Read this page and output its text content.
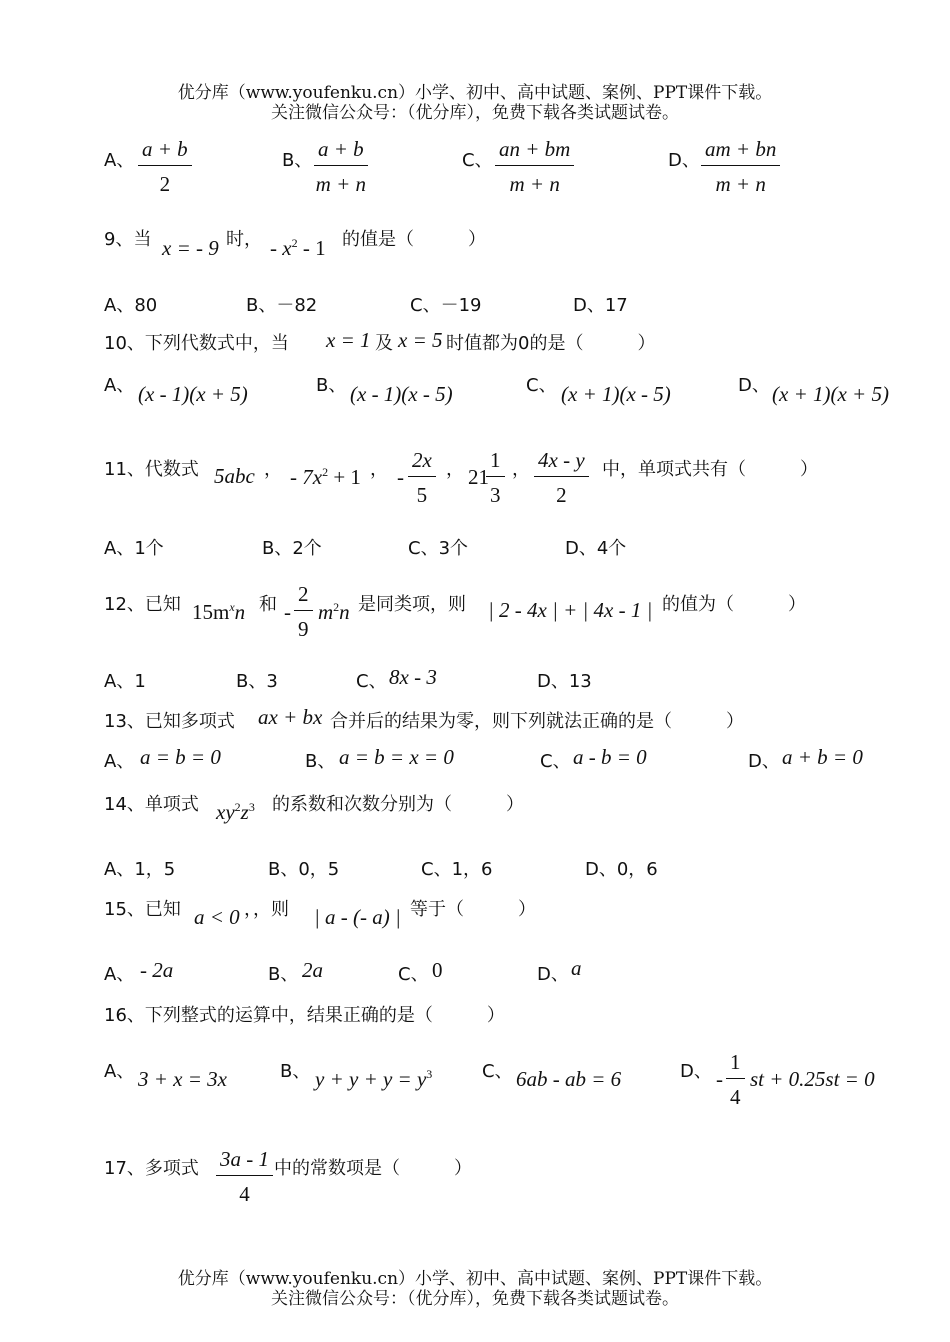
优分库（www.youfenku.cn）小学、初中、高中试题、案例、PPT课件下载。
关注微信公众号：（优分库），免费下载各类试题试卷。
A、 $\frac{a + b}{2}$	B、 $\frac{a + b}{m + n}$	C、 $\frac{an + bm}{m + n}$	D、 $\frac{am + bn}{m + n}$
9、当 x = - 9 时， - $x^2 - 1$ 的值是（　　　）
A、80	B、－82	C、－19	D、17
10、下列代数式中，当 x = 1 及 x = 5 时值都为0的是（　　　）
A、 (x - 1)(x + 5)	B、 (x - 1)(x - 5)	C、 (x + 1)(x - 5)	D、 (x + 1)(x + 5)
11、代数式 5abc ， - $7x^2 + 1$ ， - $\frac{2x}{5}$ ， 21
$\frac{1}{3}$ ， $\frac{4x - y}{2}$ 中，单项式共有（　　　）
A、1个	B、2个	C、3个	D、4个
12、已知 $15m^xn$ 和 - $\frac{2}{9} m^2n$ 是同类项，则 | 2 - 4x | + | 4x - 1 | 的值为（　　　）
A、1	B、3	C、 8x - 3	D、13
13、已知多项式 ax + bx 合并后的结果为零，则下列就法正确的是（　　　）
A、 a = b = 0	B、 a = b = x = 0	C、 a - b = 0	D、 a + b = 0
14、单项式 $xy^2z^3$ 的系数和次数分别为（　　　）
A、1，5	B、0，5	C、1，6	D、0，6
15、已知 a < 0 ，，则 | a - (- a) | 等于（　　　）
A、 - 2a	B、 2a	C、 0	D、 a
16、下列整式的运算中，结果正确的是（　　　）
A、 3 + x = 3x	B、 $y + y + y = y^3$	C、 6ab - ab = 6	D、 - $\frac{1}{4}$ st + 0.25st = 0
17、多项式 $\frac{3a - 1}{4}$ 中的常数项是（　　　）
优分库（www.youfenku.cn）小学、初中、高中试题、案例、PPT课件下载。
关注微信公众号：（优分库），免费下载各类试题试卷。
